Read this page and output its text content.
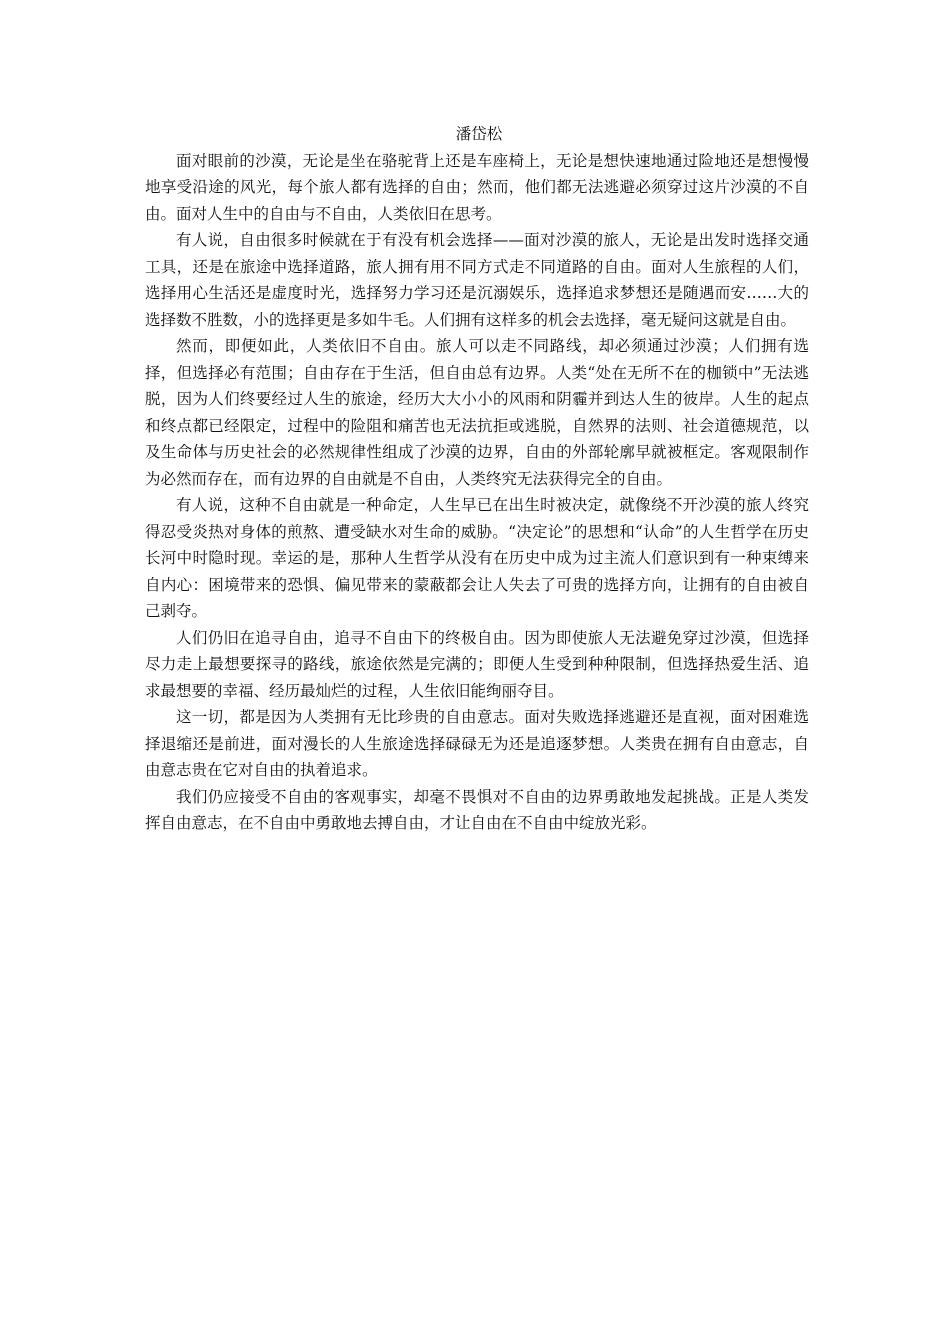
潘岱松

面对眼前的沙漠，无论是坐在骆驼背上还是车座椅上，无论是想快速地通过险地还是想慢慢地享受沿途的风光，每个旅人都有选择的自由；然而，他们都无法逃避必须穿过这片沙漠的不自由。面对人生中的自由与不自由，人类依旧在思考。

有人说，自由很多时候就在于有没有机会选择——面对沙漠的旅人，无论是出发时选择交通工具，还是在旅途中选择道路，旅人拥有用不同方式走不同道路的自由。面对人生旅程的人们，选择用心生活还是虚度时光，选择努力学习还是沉溺娱乐，选择追求梦想还是随遇而安……大的选择数不胜数，小的选择更是多如牛毛。人们拥有这样多的机会去选择，毫无疑问这就是自由。

然而，即便如此，人类依旧不自由。旅人可以走不同路线，却必须通过沙漠；人们拥有选择，但选择必有范围；自由存在于生活，但自由总有边界。人类“处在无所不在的枷锁中”无法逃脱，因为人们终要经过人生的旅途，经历大大小小的风雨和阴霾并到达人生的彼岸。人生的起点和终点都已经限定，过程中的险阻和痛苦也无法抗拒或逃脱，自然界的法则、社会道德规范，以及生命体与历史社会的必然规律性组成了沙漠的边界，自由的外部轮廓早就被框定。客观限制作为必然而存在，而有边界的自由就是不自由，人类终究无法获得完全的自由。

有人说，这种不自由就是一种命定，人生早已在出生时被决定，就像绕不开沙漠的旅人终究得忍受炎热对身体的煎熬、遭受缺水对生命的威胁。“决定论”的思想和“认命”的人生哲学在历史长河中时隐时现。幸运的是，那种人生哲学从没有在历史中成为过主流人们意识到有一种束缚来自内心：困境带来的恐惧、偏见带来的蒙蔽都会让人失去了可贵的选择方向，让拥有的自由被自己剥夺。

人们仍旧在追寻自由，追寻不自由下的终极自由。因为即使旅人无法避免穿过沙漠，但选择尽力走上最想要探寻的路线，旅途依然是完满的；即便人生受到种种限制，但选择热爱生活、追求最想要的幸福、经历最灿烂的过程，人生依旧能绚丽夺目。

这一切，都是因为人类拥有无比珍贵的自由意志。面对失败选择逃避还是直视，面对困难选择退缩还是前进，面对漫长的人生旅途选择碌碌无为还是追逐梦想。人类贵在拥有自由意志，自由意志贵在它对自由的执着追求。

我们仍应接受不自由的客观事实，却毫不畏惧对不自由的边界勇敢地发起挑战。正是人类发挥自由意志，在不自由中勇敢地去搏自由，才让自由在不自由中绽放光彩。
